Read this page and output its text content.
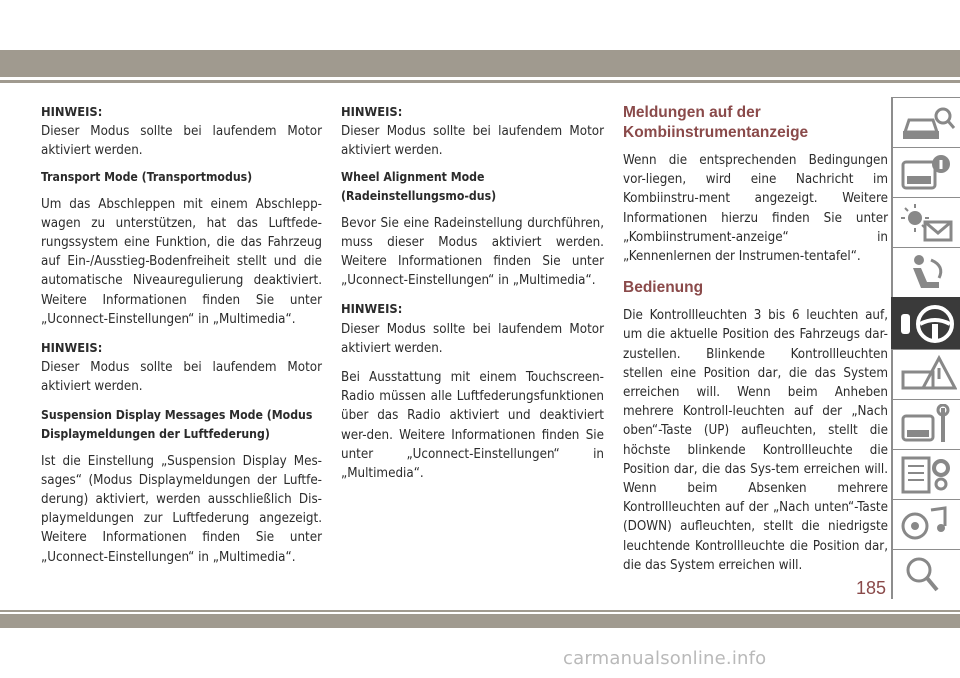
HINWEIS:

Dieser Modus sollte bei laufendem Motor aktiviert werden.

Transport Mode (Transportmodus)

Um das Abschleppen mit einem Abschlepp-wagen zu unterstützen, hat das Luftfede-rungssystem eine Funktion, die das Fahrzeug auf Ein-/Ausstieg-Bodenfreiheit stellt und die automatische Niveauregulierung deaktiviert. Weitere Informationen finden Sie unter „Uconnect-Einstellungen“ in „Multimedia“.

HINWEIS:

Dieser Modus sollte bei laufendem Motor aktiviert werden.

Suspension Display Messages Mode (Modus Displaymeldungen der Luftfederung)

Ist die Einstellung „Suspension Display Mes-sages“ (Modus Displaymeldungen der Luftfe-derung) aktiviert, werden ausschließlich Dis-playmeldungen zur Luftfederung angezeigt. Weitere Informationen finden Sie unter „Uconnect-Einstellungen“ in „Multimedia“.

HINWEIS:

Dieser Modus sollte bei laufendem Motor aktiviert werden.

Wheel Alignment Mode (Radeinstellungsmo-dus)

Bevor Sie eine Radeinstellung durchführen, muss dieser Modus aktiviert werden. Weitere Informationen finden Sie unter „Uconnect-Einstellungen“ in „Multimedia“.

HINWEIS:

Dieser Modus sollte bei laufendem Motor aktiviert werden.

Bei Ausstattung mit einem Touchscreen-Radio müssen alle Luftfederungsfunktionen über das Radio aktiviert und deaktiviert wer-den. Weitere Informationen finden Sie unter „Uconnect-Einstellungen“ in „Multimedia“.

Meldungen auf der Kombiinstrumentanzeige

Wenn die entsprechenden Bedingungen vor-liegen, wird eine Nachricht im Kombiinstru-ment angezeigt. Weitere Informationen hierzu finden Sie unter „Kombiinstrument-anzeige“ in „Kennenlernen der Instrumen-tentafel“.

Bedienung

Die Kontrollleuchten 3 bis 6 leuchten auf, um die aktuelle Position des Fahrzeugs dar-zustellen. Blinkende Kontrollleuchten stellen eine Position dar, die das System erreichen will. Wenn beim Anheben mehrere Kontroll-leuchten auf der „Nach oben“-Taste (UP) aufleuchten, stellt die höchste blinkende Kontrollleuchte die Position dar, die das Sys-tem erreichen will. Wenn beim Absenken mehrere Kontrollleuchten auf der „Nach unten“-Taste (DOWN) aufleuchten, stellt die niedrigste leuchtende Kontrollleuchte die Position dar, die das System erreichen will.

185
carmanualsonline.info
